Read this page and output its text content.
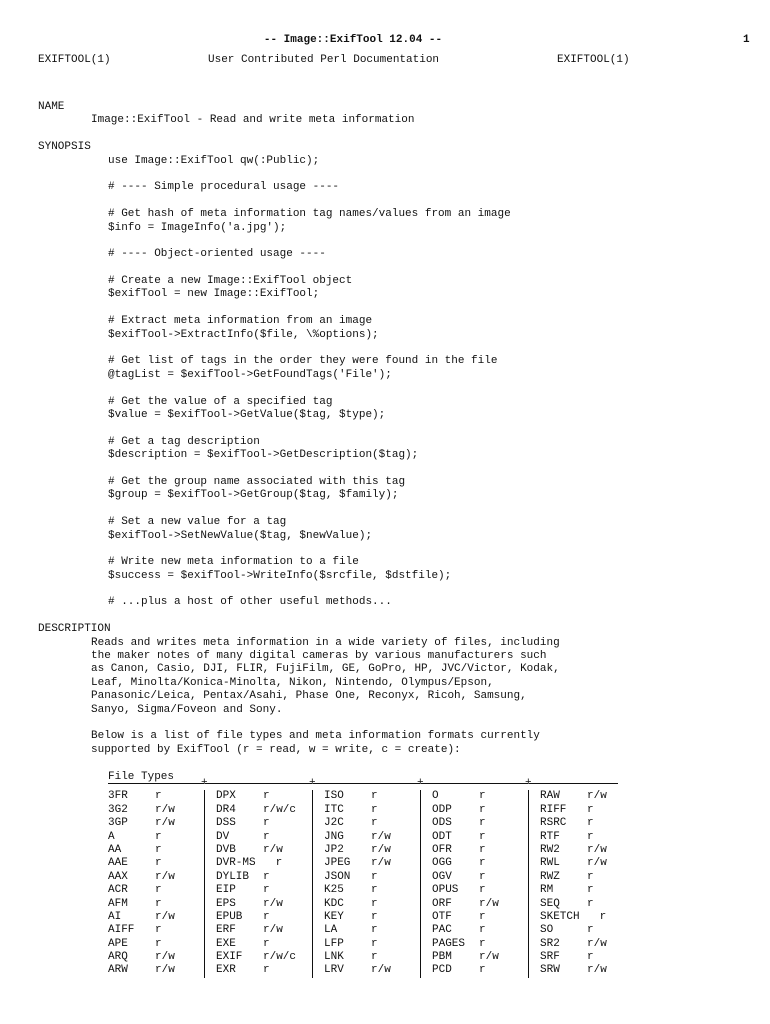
-- Image::ExifTool 12.04 --	1
EXIFTOOL(1)	User Contributed Perl Documentation	EXIFTOOL(1)
NAME
Image::ExifTool - Read and write meta information
SYNOPSIS
use Image::ExifTool qw(:Public);
# ---- Simple procedural usage ----
# Get hash of meta information tag names/values from an image
$info = ImageInfo('a.jpg');
# ---- Object-oriented usage ----
# Create a new Image::ExifTool object
$exifTool = new Image::ExifTool;
# Extract meta information from an image
$exifTool->ExtractInfo($file, \%options);
# Get list of tags in the order they were found in the file
@tagList = $exifTool->GetFoundTags('File');
# Get the value of a specified tag
$value = $exifTool->GetValue($tag, $type);
# Get a tag description
$description = $exifTool->GetDescription($tag);
# Get the group name associated with this tag
$group = $exifTool->GetGroup($tag, $family);
# Set a new value for a tag
$exifTool->SetNewValue($tag, $newValue);
# Write new meta information to a file
$success = $exifTool->WriteInfo($srcfile, $dstfile);
# ...plus a host of other useful methods...
DESCRIPTION
Reads and writes meta information in a wide variety of files, including
the maker notes of many digital cameras by various manufacturers such
as Canon, Casio, DJI, FLIR, FujiFilm, GE, GoPro, HP, JVC/Victor, Kodak,
Leaf, Minolta/Konica-Minolta, Nikon, Nintendo, Olympus/Epson,
Panasonic/Leica, Pentax/Asahi, Phase One, Reconyx, Ricoh, Samsung,
Sanyo, Sigma/Foveon and Sony.
Below is a list of file types and meta information formats currently
supported by ExifTool (r = read, w = write, c = create):
File Types
+	+	+	+
3FR r	DPX r	ISO r	O	r	RAW r/w
3G2 r/w	DR4 r/w/c	ITC r	ODP r	RIFF r
3GP r/w	DSS r	J2C r	ODS r	RSRC r
A	r	DV	r	JNG r/w	ODT r	RTF r
AA	r	DVB r/w	JP2 r/w	OFR r	RW2 r/w
AAE r	DVR-MS r	JPEG r/w	OGG r	RWL r/w
AAX r/w	DYLIB r	JSON r	OGV r	RWZ r
ACR r	EIP r	K25 r	OPUS r	RM	r
AFM r	EPS r/w	KDC r	ORF r/w	SEQ r
AI	r/w	EPUB r	KEY r	OTF r	SKETCH r
AIFF r	ERF r/w	LA	r	PAC r	SO	r
APE r	EXE r	LFP r	PAGES r	SR2 r/w
ARQ r/w	EXIF r/w/c	LNK r	PBM r/w	SRF r
ARW r/w	EXR r	LRV r/w	PCD r	SRW r/w
